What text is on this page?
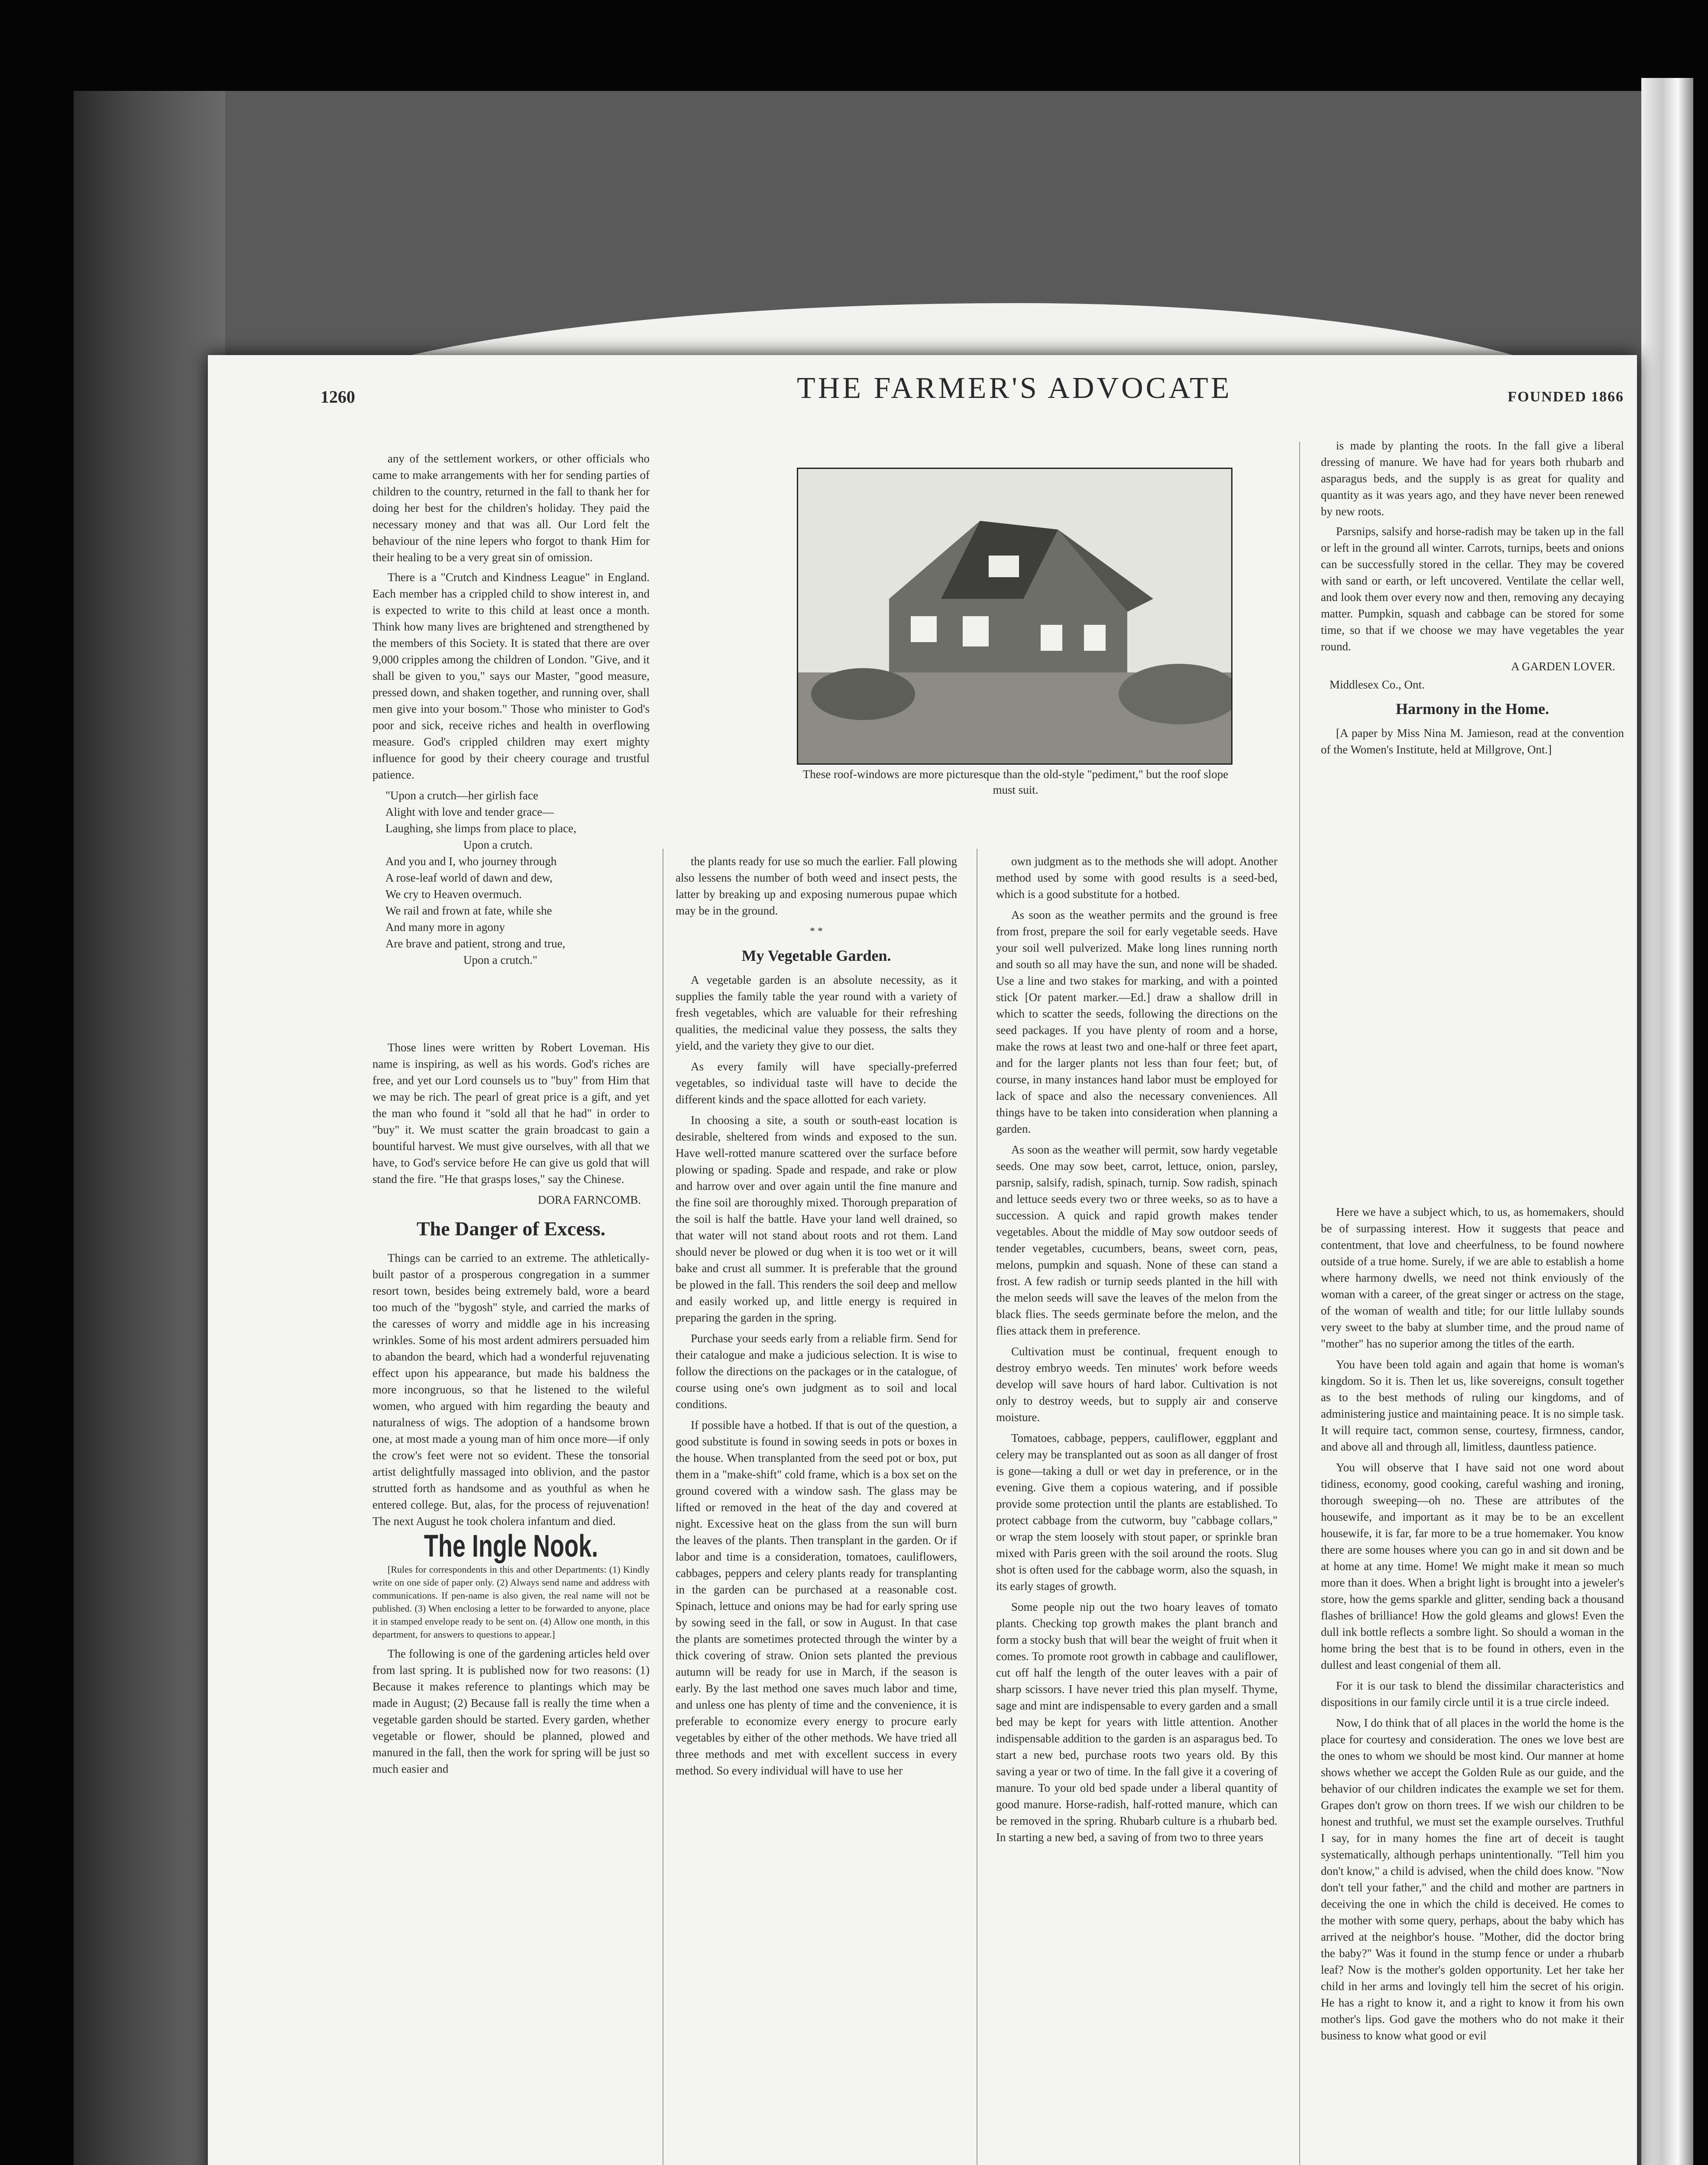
1260	THE FARMER'S ADVOCATE	FOUNDED 1866

any of the settlement workers, or other officials who came to make arrangements with her for sending parties of children to the country, returned in the fall to thank her for doing her best for the children's holiday. They paid the necessary money and that was all. Our Lord felt the behaviour of the nine lepers who forgot to thank Him for their healing to be a very great sin of omission.

There is a "Crutch and Kindness League" in England. Each member has a crippled child to show interest in, and is expected to write to this child at least once a month. Think how many lives are brightened and strengthened by the members of this Society. It is stated that there are over 9,000 cripples among the children of London. "Give, and it shall be given to you," says our Master, "good measure, pressed down, and shaken together, and running over, shall men give into your bosom." Those who minister to God's poor and sick, receive riches and health in overflowing measure. God's crippled children may exert mighty influence for good by their cheery courage and trustful patience.

"Upon a crutch—her girlish face
Alight with love and tender grace—
Laughing, she limps from place to place,
Upon a crutch.
And you and I, who journey through
A rose-leaf world of dawn and dew,
We cry to Heaven overmuch.
We rail and frown at fate, while she
And many more in agony
Are brave and patient, strong and true,
Upon a crutch."

Those lines were written by Robert Loveman. His name is inspiring, as well as his words. God's riches are free, and yet our Lord counsels us to "buy" from Him that we may be rich. The pearl of great price is a gift, and yet the man who found it "sold all that he had" in order to "buy" it. We must scatter the grain broadcast to gain a bountiful harvest. We must give ourselves, with all that we have, to God's service before He can give us gold that will stand the fire. "He that grasps loses," say the Chinese.

DORA FARNCOMB.
The Danger of Excess.

Things can be carried to an extreme. The athletically-built pastor of a prosperous congregation in a summer resort town, besides being extremely bald, wore a beard too much of the "bygosh" style, and carried the marks of the caresses of worry and middle age in his increasing wrinkles. Some of his most ardent admirers persuaded him to abandon the beard, which had a wonderful rejuvenating effect upon his appearance, but made his baldness the more incongruous, so that he listened to the wileful women, who argued with him regarding the beauty and naturalness of wigs. The adoption of a handsome brown one, at most made a young man of him once more—if only the crow's feet were not so evident. These the tonsorial artist delightfully massaged into oblivion, and the pastor strutted forth as handsome and as youthful as when he entered college. But, alas, for the process of rejuvenation! The next August he took cholera infantum and died.

The Ingle Nook.

[Rules for correspondents in this and other Departments: (1) Kindly write on one side of paper only. (2) Always send name and address with communications. If pen-name is also given, the real name will not be published. (3) When enclosing a letter to be forwarded to anyone, place it in stamped envelope ready to be sent on. (4) Allow one month, in this department, for answers to questions to appear.]

The following is one of the gardening articles held over from last spring. It is published now for two reasons: (1) Because it makes reference to plantings which may be made in August; (2) Because fall is really the time when a vegetable garden should be started. Every garden, whether vegetable or flower, should be planned, plowed and manured in the fall, then the work for spring will be just so much easier and

These roof-windows are more picturesque than the old-style "pediment," but the roof slope must suit.

the plants ready for use so much the earlier. Fall plowing also lessens the number of both weed and insect pests, the latter by breaking up and exposing numerous pupae which may be in the ground.

* *
My Vegetable Garden.

A vegetable garden is an absolute necessity, as it supplies the family table the year round with a variety of fresh vegetables, which are valuable for their refreshing qualities, the medicinal value they possess, the salts they yield, and the variety they give to our diet.

As every family will have specially-preferred vegetables, so individual taste will have to decide the different kinds and the space allotted for each variety.

In choosing a site, a south or south-east location is desirable, sheltered from winds and exposed to the sun. Have well-rotted manure scattered over the surface before plowing or spading. Spade and respade, and rake or plow and harrow over and over again until the fine manure and the fine soil are thoroughly mixed. Thorough preparation of the soil is half the battle. Have your land well drained, so that water will not stand about roots and rot them. Land should never be plowed or dug when it is too wet or it will bake and crust all summer. It is preferable that the ground be plowed in the fall. This renders the soil deep and mellow and easily worked up, and little energy is required in preparing the garden in the spring.

Purchase your seeds early from a reliable firm. Send for their catalogue and make a judicious selection. It is wise to follow the directions on the packages or in the catalogue, of course using one's own judgment as to soil and local conditions.

If possible have a hotbed. If that is out of the question, a good substitute is found in sowing seeds in pots or boxes in the house. When transplanted from the seed pot or box, put them in a "make-shift" cold frame, which is a box set on the ground covered with a window sash. The glass may be lifted or removed in the heat of the day and covered at night. Excessive heat on the glass from the sun will burn the leaves of the plants. Then transplant in the garden. Or if labor and time is a consideration, tomatoes, cauliflowers, cabbages, peppers and celery plants ready for transplanting in the garden can be purchased at a reasonable cost. Spinach, lettuce and onions may be had for early spring use by sowing seed in the fall, or sow in August. In that case the plants are sometimes protected through the winter by a thick covering of straw. Onion sets planted the previous autumn will be ready for use in March, if the season is early. By the last method one saves much labor and time, and unless one has plenty of time and the convenience, it is preferable to economize every energy to procure early vegetables by either of the other methods. We have tried all three methods and met with excellent success in every method. So every individual will have to use her

own judgment as to the methods she will adopt. Another method used by some with good results is a seed-bed, which is a good substitute for a hotbed.

As soon as the weather permits and the ground is free from frost, prepare the soil for early vegetable seeds. Have your soil well pulverized. Make long lines running north and south so all may have the sun, and none will be shaded. Use a line and two stakes for marking, and with a pointed stick [Or patent marker.—Ed.] draw a shallow drill in which to scatter the seeds, following the directions on the seed packages. If you have plenty of room and a horse, make the rows at least two and one-half or three feet apart, and for the larger plants not less than four feet; but, of course, in many instances hand labor must be employed for lack of space and also the necessary conveniences. All things have to be taken into consideration when planning a garden.

As soon as the weather will permit, sow hardy vegetable seeds. One may sow beet, carrot, lettuce, onion, parsley, parsnip, salsify, radish, spinach, turnip. Sow radish, spinach and lettuce seeds every two or three weeks, so as to have a succession. A quick and rapid growth makes tender vegetables. About the middle of May sow outdoor seeds of tender vegetables, cucumbers, beans, sweet corn, peas, melons, pumpkin and squash. None of these can stand a frost. A few radish or turnip seeds planted in the hill with the melon seeds will save the leaves of the melon from the black flies. The seeds germinate before the melon, and the flies attack them in preference.

Cultivation must be continual, frequent enough to destroy embryo weeds. Ten minutes' work before weeds develop will save hours of hard labor. Cultivation is not only to destroy weeds, but to supply air and conserve moisture.

Tomatoes, cabbage, peppers, cauliflower, eggplant and celery may be transplanted out as soon as all danger of frost is gone—taking a dull or wet day in preference, or in the evening. Give them a copious watering, and if possible provide some protection until the plants are established. To protect cabbage from the cutworm, buy "cabbage collars," or wrap the stem loosely with stout paper, or sprinkle bran mixed with Paris green with the soil around the roots. Slug shot is often used for the cabbage worm, also the squash, in its early stages of growth.

Some people nip out the two hoary leaves of tomato plants. Checking top growth makes the plant branch and form a stocky bush that will bear the weight of fruit when it comes. To promote root growth in cabbage and cauliflower, cut off half the length of the outer leaves with a pair of sharp scissors. I have never tried this plan myself. Thyme, sage and mint are indispensable to every garden and a small bed may be kept for years with little attention. Another indispensable addition to the garden is an asparagus bed. To start a new bed, purchase roots two years old. By this saving a year or two of time. In the fall give it a covering of manure. To your old bed spade under a liberal quantity of good manure. Horse-radish, half-rotted manure, which can be removed in the spring. Rhubarb culture is a rhubarb bed. In starting a new bed, a saving of from two to three years

is made by planting the roots. In the fall give a liberal dressing of manure. We have had for years both rhubarb and asparagus beds, and the supply is as great for quality and quantity as it was years ago, and they have never been renewed by new roots.

Parsnips, salsify and horse-radish may be taken up in the fall or left in the ground all winter. Carrots, turnips, beets and onions can be successfully stored in the cellar. They may be covered with sand or earth, or left uncovered. Ventilate the cellar well, and look them over every now and then, removing any decaying matter. Pumpkin, squash and cabbage can be stored for some time, so that if we choose we may have vegetables the year round.

A GARDEN LOVER.
Middlesex Co., Ont.
Harmony in the Home.

[A paper by Miss Nina M. Jamieson, read at the convention of the Women's Institute, held at Millgrove, Ont.]

Here we have a subject which, to us, as homemakers, should be of surpassing interest. How it suggests that peace and contentment, that love and cheerfulness, to be found nowhere outside of a true home. Surely, if we are able to establish a home where harmony dwells, we need not think enviously of the woman with a career, of the great singer or actress on the stage, of the woman of wealth and title; for our little lullaby sounds very sweet to the baby at slumber time, and the proud name of "mother" has no superior among the titles of the earth.

You have been told again and again that home is woman's kingdom. So it is. Then let us, like sovereigns, consult together as to the best methods of ruling our kingdoms, and of administering justice and maintaining peace. It is no simple task. It will require tact, common sense, courtesy, firmness, candor, and above all and through all, limitless, dauntless patience.

You will observe that I have said not one word about tidiness, economy, good cooking, careful washing and ironing, thorough sweeping—oh no. These are attributes of the housewife, and important as it may be to be an excellent housewife, it is far, far more to be a true homemaker. You know there are some houses where you can go in and sit down and be at home at any time. Home! We might make it mean so much more than it does. When a bright light is brought into a jeweler's store, how the gems sparkle and glitter, sending back a thousand flashes of brilliance! How the gold gleams and glows! Even the dull ink bottle reflects a sombre light. So should a woman in the home bring the best that is to be found in others, even in the dullest and least congenial of them all.

For it is our task to blend the dissimilar characteristics and dispositions in our family circle until it is a true circle indeed.

Now, I do think that of all places in the world the home is the place for courtesy and consideration. The ones we love best are the ones to whom we should be most kind. Our manner at home shows whether we accept the Golden Rule as our guide, and the behavior of our children indicates the example we set for them. Grapes don't grow on thorn trees. If we wish our children to be honest and truthful, we must set the example ourselves. Truthful I say, for in many homes the fine art of deceit is taught systematically, although perhaps unintentionally. "Tell him you don't know," a child is advised, when the child does know. "Now don't tell your father," and the child and mother are partners in deceiving the one in which the child is deceived. He comes to the mother with some query, perhaps, about the baby which has arrived at the neighbor's house. "Mother, did the doctor bring the baby?" Was it found in the stump fence or under a rhubarb leaf? Now is the mother's golden opportunity. Let her take her child in her arms and lovingly tell him the secret of his origin. He has a right to know it, and a right to know it from his own mother's lips. God gave the mothers who do not make it their business to know what good or evil
